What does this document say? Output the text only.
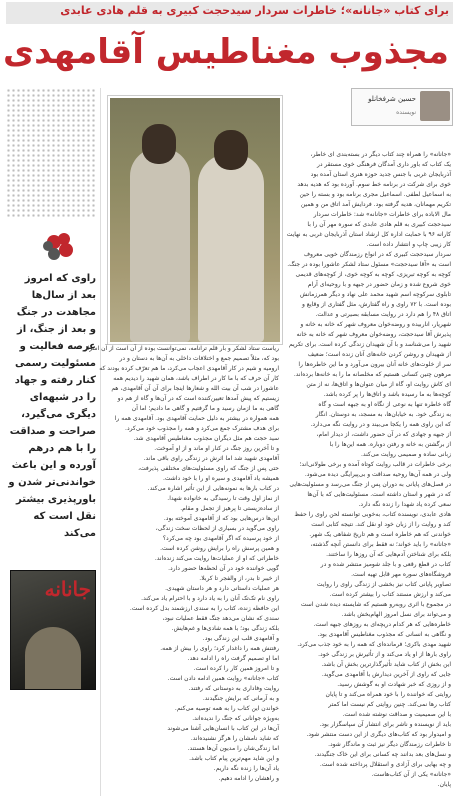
برای کتاب «جانانه»؛ خاطرات سردار سیدحجت کبیری به قلم هادی عابدی
مجذوب مغناطیس آقامهدی
حسین شرفخانلو
نویسنده
راوی که امروز بعد از سال‌ها مجاهدت در جنگ و بعد از جنگ، از عرصه فعالیت و مسئولیت رسمی کنار رفته و جهاد را در شبهه‌ای دیگری می‌گیرد، صراحت و صداقت را با هم درهم آورده و این باعث خواندنی‌تر شدن و باورپذیری بیشتر نقل است که می‌کند
جانانه
«جانانه» را همراه چند کتاب دیگر در بسته‌بندی ای خاطر،
یک کتاب که باور داری آمدگان فرهنگی خوی مستقر در
آذربایجان غربی با جنس جدید حوزه هنری استان آمده بود
خوی برای شرکت در برنامه خط سوم. آورده بود که هدیه بدهد
به اسماعیل لطفی. اسماعیل مجری برنامه بود و بسته را حین
تکریم مهمانان، هدیه گرفته بود. فردایش آمد اتاق من و همین
مال الاباده برای خاطرات «جانانه» شد: خاطرات سردار
سیدحجت کبیری به قلم هادی عابدی که سوره مهر آن را با
کارانه ۹۶ با حمایت اداره کل ارشاد استان آذربایجان غربی به نهایت
کار زیبی چاپ و انتشار داده است.
سردار سیدحجت کبیری که در انواع رزمندگان خویی معروف
است به «آقا سیدحجت» مسئول ستاد لشکر عاشورا بوده در جنگ.
کوچه به کوچه تبریزی، کوچه به کوچه خوی، از کوچه‌های قدیمی
خوی شروع شده و زمان حضور در جبهه و با روحیه‌ای آرام
تابلوی سرکوچه اسم شهید محمد علی نهاد و دیگر همرزمانش
بوده است. با ۷۲ راوی و راه گفتارش، مثل گفتاری از وقایع و
اتاق ۴۸ را هم دارد در روایت مسابقه بصیرتی و عدالت.
شهریار، اناربیده و روضه‌خوان معروف شهر که خانه به خانه و
پذیرش آقا سیدحجت، روضه‌خوان معروف شهر که خانه به خانه
شهید را می‌شناسد و با آن شهیدان زندگی کرده است. برای تکریم
از شهیدان و روشن کردن خانه‌های آنان زنده است؛ ضعیف
سر از خلوت‌های خانه آنان بیرون می‌آورد و ما این خاطره‌ها را
مرهون چنین کسانی هستیم که مخلصانه ما را به خانه‌ها برده‌اند.
ای کاش روایت او، گاه از میان عنوان‌ها و اتاق‌ها، نه از متن
کوچه‌ها به ما رسیده باشد و اتاق‌ها را پر کرده باشد.
گاه خاطره تنها به نوعی از نگاه او به جبهه است و گاه
به زندگی خود. به خیابان‌ها، به مسجد، به دوستان. انگار
که این راوی همه را یکجا می‌بیند و در روایت نگه می‌دارد.
از جبهه و جهادی که در آن حضور داشت، از دیدار امام،
از برگشتن به خانه و رفتن دوباره. همه این‌ها را با
زبانی ساده و صمیمی روایت می‌کند.
برخی خاطرات در قالب روایت کوتاه آمده و برخی طولانی‌اند؛
ولی در همه آن‌ها روحیه صداقت و بی‌پیرایگی دیده می‌شود.
در فصل‌های پایانی به دوران پس از جنگ می‌رسد و مسئولیت‌هایی
که در شهر و استان داشته است. مسئولیت‌هایی که با آن‌ها
سعی کرده یاد شهدا را زنده نگه دارد.
هادی عابدی، نویسنده کتاب، به‌خوبی توانسته لحن راوی را حفظ
کند و روایت را از زبان خود او نقل کند. نتیجه کتابی است
خواندنی که هم خاطره است و هم تاریخ شفاهی یک شهر.
«جانانه» را باید خواند؛ نه فقط برای دانستن آنچه گذشته،
بلکه برای شناختن آدم‌هایی که آن روزها را ساختند.
کتاب در قطع رقعی و با جلد شومیز منتشر شده و در
فروشگاه‌های سوره مهر قابل تهیه است.
تصاویر پایانی کتاب نیز بخشی از زندگی راوی را روایت
می‌کند و ارزش مستند کتاب را بیشتر کرده است.
در مجموع با اثری روبه‌رو هستیم که شایسته دیده شدن است
و می‌تواند برای نسل امروز الهام‌بخش باشد.
خاطره‌هایی که هر کدام دریچه‌ای به روزهای جبهه است.
و نگاهی به انسانی که مجذوب مغناطیس آقامهدی بود.
شهید مهدی باکری؛ فرمانده‌ای که همه را به خود جذب می‌کرد.
راوی بارها از او یاد می‌کند و از تأثیرش بر زندگی خود.
این بخش از کتاب شاید تأثیرگذارترین بخش آن باشد.
جایی که راوی از آخرین دیدارش با آقامهدی می‌گوید.
و از روزی که خبر شهادت او به گوشش رسید.
روایتی که خواننده را با خود همراه می‌کند و تا پایان
کتاب رها نمی‌کند. چنین روایتی کم نیست اما کمتر
با این صمیمیت و صداقت نوشته شده است.
باید از نویسنده و ناشر برای انتشار آن سپاسگزار بود.
و امیدوار بود که کتاب‌های دیگری از این دست منتشر شود.
تا خاطرات رزمندگان دیگر نیز ثبت و ماندگار شود.
و نسل‌های بعد بدانند چه کسانی برای این خاک جنگیدند.
و چه بهایی برای آزادی و استقلال پرداخته شده است.
«جانانه» یکی از آن کتاب‌هاست.
پایان.
ریاست ستاد لشکر و بار قلم ترانامه، نمی‌توانست بوده از آن است از آن اسرار
بود که، مثلاً تصمیم جمع و اختلافات داخلی به آن‌ها به دستان و در
ارومیه و شیم در کار آقامهدی اعجاب می‌کرد، ما هم تعرّف کرده بودند که
کار آن حرف که با ما کار در اطراف باشد، همان شهید را دیدیم همه
عاشورا در شب آن بیت الله و شعارها اینجا برای آن آن آقامهدی، هم
زیستیم که پیش آمدها تعیین‌کننده است که در آن‌ها و گاه از هم دو
گاهی به ما ازمان رسید و ما گرفتیم و گاهی ما دادیم؛ اما آن
همه همواره در بیشتر به دلیل حمایت آقامهدی بود. آقامهدی همه را
برای هدف مشترک جمع می‌کرد و همه را مجذوب خود می‌کرد.
سید حجت هم مثل دیگران مجذوب مغناطیس آقامهدی شد.
و تا آخرین روز جنگ در کنار او ماند و از او آموخت.
آقامهدی شهید شد اما اثرش در زندگی راوی باقی ماند.
حتی پس از جنگ که راوی مسئولیت‌های مختلفی پذیرفت،
همیشه یاد آقامهدی و سیره او را با خود داشت.
در کتاب بارها به نمونه‌هایی از این تأثیر اشاره می‌کند.
از نماز اول وقت تا رسیدگی به خانواده شهدا.
از ساده‌زیستی تا پرهیز از تجمل و مقام.
این‌ها درس‌هایی بود که از آقامهدی آموخته بود.
راوی می‌گوید در بسیاری از لحظات سخت زندگی،
از خود پرسیده که اگر آقامهدی بود چه می‌کرد؟
و همین پرسش راه را برایش روشن کرده است.
خاطراتی که او از عملیات‌ها روایت می‌کند زنده‌اند.
گویی خواننده خود در آن لحظه‌ها حضور دارد.
از خیبر تا بدر، از والفجر تا کربلا.
هر عملیات داستانی دارد و هر داستان شهیدی.
راوی نام تک‌تک آنان را به یاد دارد و با احترام یاد می‌کند.
این حافظه زنده، کتاب را به سندی ارزشمند بدل کرده است.
سندی که نشان می‌دهد جنگ فقط عملیات نبود،
بلکه زندگی بود؛ با همه شادی‌ها و غم‌هایش.
و آقامهدی قلب این زندگی بود.
رفتنش همه را داغدار کرد؛ راوی را بیش از همه.
اما او تصمیم گرفت راه را ادامه دهد.
و تا امروز همین کار را کرده است.
کتاب «جانانه» روایت همین ادامه دادن است.
روایت وفاداری به دوستانی که رفتند.
و به آرمانی که برایش جنگیدند.
خواندن این کتاب را به همه توصیه می‌کنم.
به‌ویژه جوانانی که جنگ را ندیده‌اند.
آن‌ها در این کتاب با انسان‌هایی آشنا می‌شوند
که شاید نامشان را هرگز نشنیده‌اند.
اما زندگی‌شان را مدیون آن‌ها هستند.
و این شاید مهم‌ترین پیام کتاب باشد.
یاد آن‌ها را زنده نگه داریم.
و راهشان را ادامه دهیم.
